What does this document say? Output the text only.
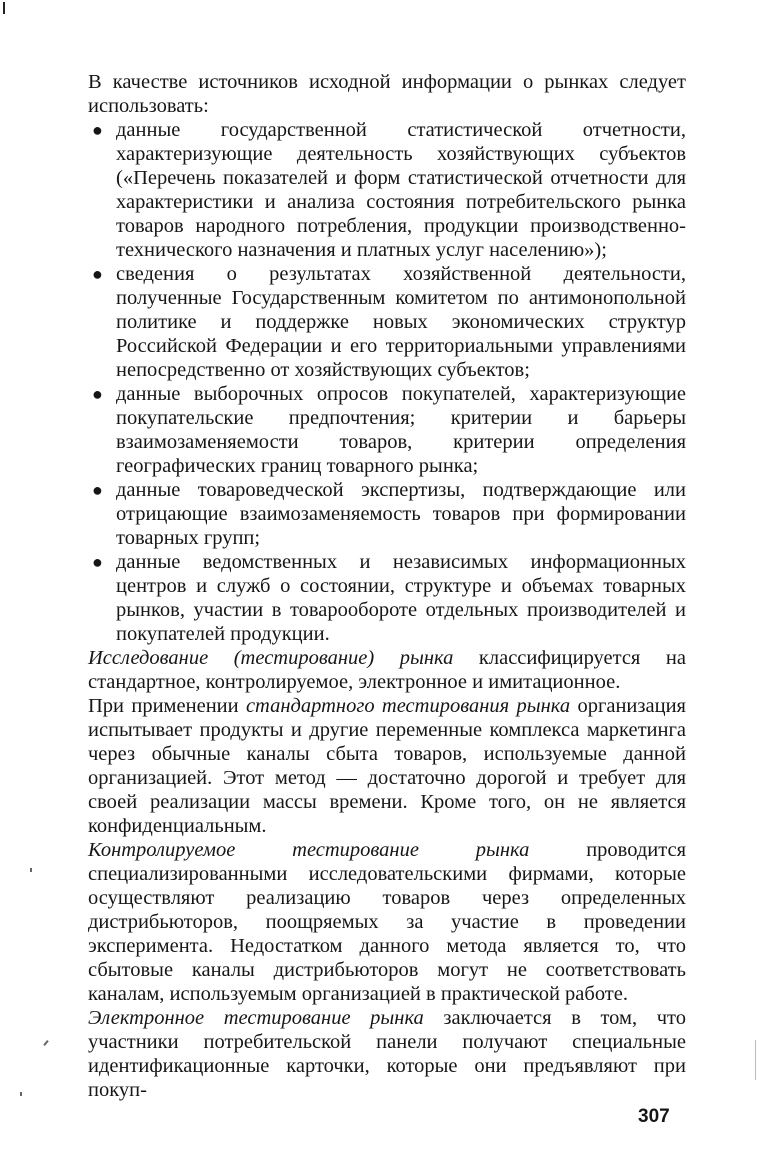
В качестве источников исходной информации о рынках следует использовать:

● данные государственной статистической отчетности, характеризующие деятельность хозяйствующих субъектов («Перечень показателей и форм статистической отчетности для характеристики и анализа состояния потребительского рынка товаров народного потребления, продукции производственно-технического назначения и платных услуг населению»);
● сведения о результатах хозяйственной деятельности, полученные Государственным комитетом по антимонопольной политике и поддержке новых экономических структур Российской Федерации и его территориальными управлениями непосредственно от хозяйствующих субъектов;
● данные выборочных опросов покупателей, характеризующие покупательские предпочтения; критерии и барьеры взаимозаменяемости товаров, критерии определения географических границ товарного рынка;
● данные товароведческой экспертизы, подтверждающие или отрицающие взаимозаменяемость товаров при формировании товарных групп;
● данные ведомственных и независимых информационных центров и служб о состоянии, структуре и объемах товарных рынков, участии в товарообороте отдельных производителей и покупателей продукции.

Исследование (тестирование) рынка классифицируется на стандартное, контролируемое, электронное и имитационное.

При применении стандартного тестирования рынка организация испытывает продукты и другие переменные комплекса маркетинга через обычные каналы сбыта товаров, используемые данной организацией. Этот метод — достаточно дорогой и требует для своей реализации массы времени. Кроме того, он не является конфиденциальным.

Контролируемое тестирование рынка проводится специализированными исследовательскими фирмами, которые осуществляют реализацию товаров через определенных дистрибьюторов, поощряемых за участие в проведении эксперимента. Недостатком данного метода является то, что сбытовые каналы дистрибьюторов могут не соответствовать каналам, используемым организацией в практической работе.

Электронное тестирование рынка заключается в том, что участники потребительской панели получают специальные идентификационные карточки, которые они предъявляют при покуп-

307
